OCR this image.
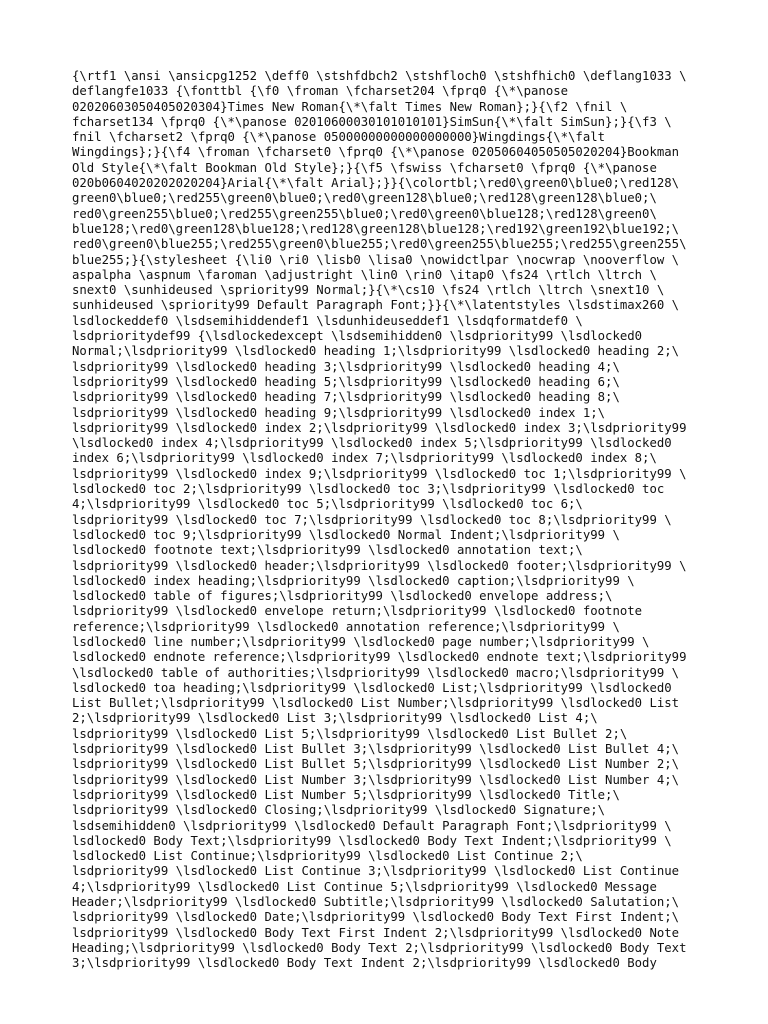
{\rtf1 \ansi \ansicpg1252 \deff0 \stshfdbch2 \stshfloch0 \stshfhich0 \deflang1033 \
deflangfe1033 {\fonttbl {\f0 \froman \fcharset204 \fprq0 {\*\panose
02020603050405020304}Times New Roman{\*\falt Times New Roman};}{\f2 \fnil \
fcharset134 \fprq0 {\*\panose 02010600030101010101}SimSun{\*\falt SimSun};}{\f3 \
fnil \fcharset2 \fprq0 {\*\panose 05000000000000000000}Wingdings{\*\falt
Wingdings};}{\f4 \froman \fcharset0 \fprq0 {\*\panose 02050604050505020204}Bookman
Old Style{\*\falt Bookman Old Style};}{\f5 \fswiss \fcharset0 \fprq0 {\*\panose
020b0604020202020204}Arial{\*\falt Arial};}}{\colortbl;\red0\green0\blue0;\red128\
green0\blue0;\red255\green0\blue0;\red0\green128\blue0;\red128\green128\blue0;\
red0\green255\blue0;\red255\green255\blue0;\red0\green0\blue128;\red128\green0\
blue128;\red0\green128\blue128;\red128\green128\blue128;\red192\green192\blue192;\
red0\green0\blue255;\red255\green0\blue255;\red0\green255\blue255;\red255\green255\
blue255;}{\stylesheet {\li0 \ri0 \lisb0 \lisa0 \nowidctlpar \nocwrap \nooverflow \
aspalpha \aspnum \faroman \adjustright \lin0 \rin0 \itap0 \fs24 \rtlch \ltrch \
snext0 \sunhideused \spriority99 Normal;}{\*\cs10 \fs24 \rtlch \ltrch \snext10 \
sunhideused \spriority99 Default Paragraph Font;}}{\*\latentstyles \lsdstimax260 \
lsdlockeddef0 \lsdsemihiddendef1 \lsdunhideuseddef1 \lsdqformatdef0 \
lsdprioritydef99 {\lsdlockedexcept \lsdsemihidden0 \lsdpriority99 \lsdlocked0
Normal;\lsdpriority99 \lsdlocked0 heading 1;\lsdpriority99 \lsdlocked0 heading 2;\
lsdpriority99 \lsdlocked0 heading 3;\lsdpriority99 \lsdlocked0 heading 4;\
lsdpriority99 \lsdlocked0 heading 5;\lsdpriority99 \lsdlocked0 heading 6;\
lsdpriority99 \lsdlocked0 heading 7;\lsdpriority99 \lsdlocked0 heading 8;\
lsdpriority99 \lsdlocked0 heading 9;\lsdpriority99 \lsdlocked0 index 1;\
lsdpriority99 \lsdlocked0 index 2;\lsdpriority99 \lsdlocked0 index 3;\lsdpriority99
\lsdlocked0 index 4;\lsdpriority99 \lsdlocked0 index 5;\lsdpriority99 \lsdlocked0
index 6;\lsdpriority99 \lsdlocked0 index 7;\lsdpriority99 \lsdlocked0 index 8;\
lsdpriority99 \lsdlocked0 index 9;\lsdpriority99 \lsdlocked0 toc 1;\lsdpriority99 \
lsdlocked0 toc 2;\lsdpriority99 \lsdlocked0 toc 3;\lsdpriority99 \lsdlocked0 toc
4;\lsdpriority99 \lsdlocked0 toc 5;\lsdpriority99 \lsdlocked0 toc 6;\
lsdpriority99 \lsdlocked0 toc 7;\lsdpriority99 \lsdlocked0 toc 8;\lsdpriority99 \
lsdlocked0 toc 9;\lsdpriority99 \lsdlocked0 Normal Indent;\lsdpriority99 \
lsdlocked0 footnote text;\lsdpriority99 \lsdlocked0 annotation text;\
lsdpriority99 \lsdlocked0 header;\lsdpriority99 \lsdlocked0 footer;\lsdpriority99 \
lsdlocked0 index heading;\lsdpriority99 \lsdlocked0 caption;\lsdpriority99 \
lsdlocked0 table of figures;\lsdpriority99 \lsdlocked0 envelope address;\
lsdpriority99 \lsdlocked0 envelope return;\lsdpriority99 \lsdlocked0 footnote
reference;\lsdpriority99 \lsdlocked0 annotation reference;\lsdpriority99 \
lsdlocked0 line number;\lsdpriority99 \lsdlocked0 page number;\lsdpriority99 \
lsdlocked0 endnote reference;\lsdpriority99 \lsdlocked0 endnote text;\lsdpriority99
\lsdlocked0 table of authorities;\lsdpriority99 \lsdlocked0 macro;\lsdpriority99 \
lsdlocked0 toa heading;\lsdpriority99 \lsdlocked0 List;\lsdpriority99 \lsdlocked0
List Bullet;\lsdpriority99 \lsdlocked0 List Number;\lsdpriority99 \lsdlocked0 List
2;\lsdpriority99 \lsdlocked0 List 3;\lsdpriority99 \lsdlocked0 List 4;\
lsdpriority99 \lsdlocked0 List 5;\lsdpriority99 \lsdlocked0 List Bullet 2;\
lsdpriority99 \lsdlocked0 List Bullet 3;\lsdpriority99 \lsdlocked0 List Bullet 4;\
lsdpriority99 \lsdlocked0 List Bullet 5;\lsdpriority99 \lsdlocked0 List Number 2;\
lsdpriority99 \lsdlocked0 List Number 3;\lsdpriority99 \lsdlocked0 List Number 4;\
lsdpriority99 \lsdlocked0 List Number 5;\lsdpriority99 \lsdlocked0 Title;\
lsdpriority99 \lsdlocked0 Closing;\lsdpriority99 \lsdlocked0 Signature;\
lsdsemihidden0 \lsdpriority99 \lsdlocked0 Default Paragraph Font;\lsdpriority99 \
lsdlocked0 Body Text;\lsdpriority99 \lsdlocked0 Body Text Indent;\lsdpriority99 \
lsdlocked0 List Continue;\lsdpriority99 \lsdlocked0 List Continue 2;\
lsdpriority99 \lsdlocked0 List Continue 3;\lsdpriority99 \lsdlocked0 List Continue
4;\lsdpriority99 \lsdlocked0 List Continue 5;\lsdpriority99 \lsdlocked0 Message
Header;\lsdpriority99 \lsdlocked0 Subtitle;\lsdpriority99 \lsdlocked0 Salutation;\
lsdpriority99 \lsdlocked0 Date;\lsdpriority99 \lsdlocked0 Body Text First Indent;\
lsdpriority99 \lsdlocked0 Body Text First Indent 2;\lsdpriority99 \lsdlocked0 Note
Heading;\lsdpriority99 \lsdlocked0 Body Text 2;\lsdpriority99 \lsdlocked0 Body Text
3;\lsdpriority99 \lsdlocked0 Body Text Indent 2;\lsdpriority99 \lsdlocked0 Body
